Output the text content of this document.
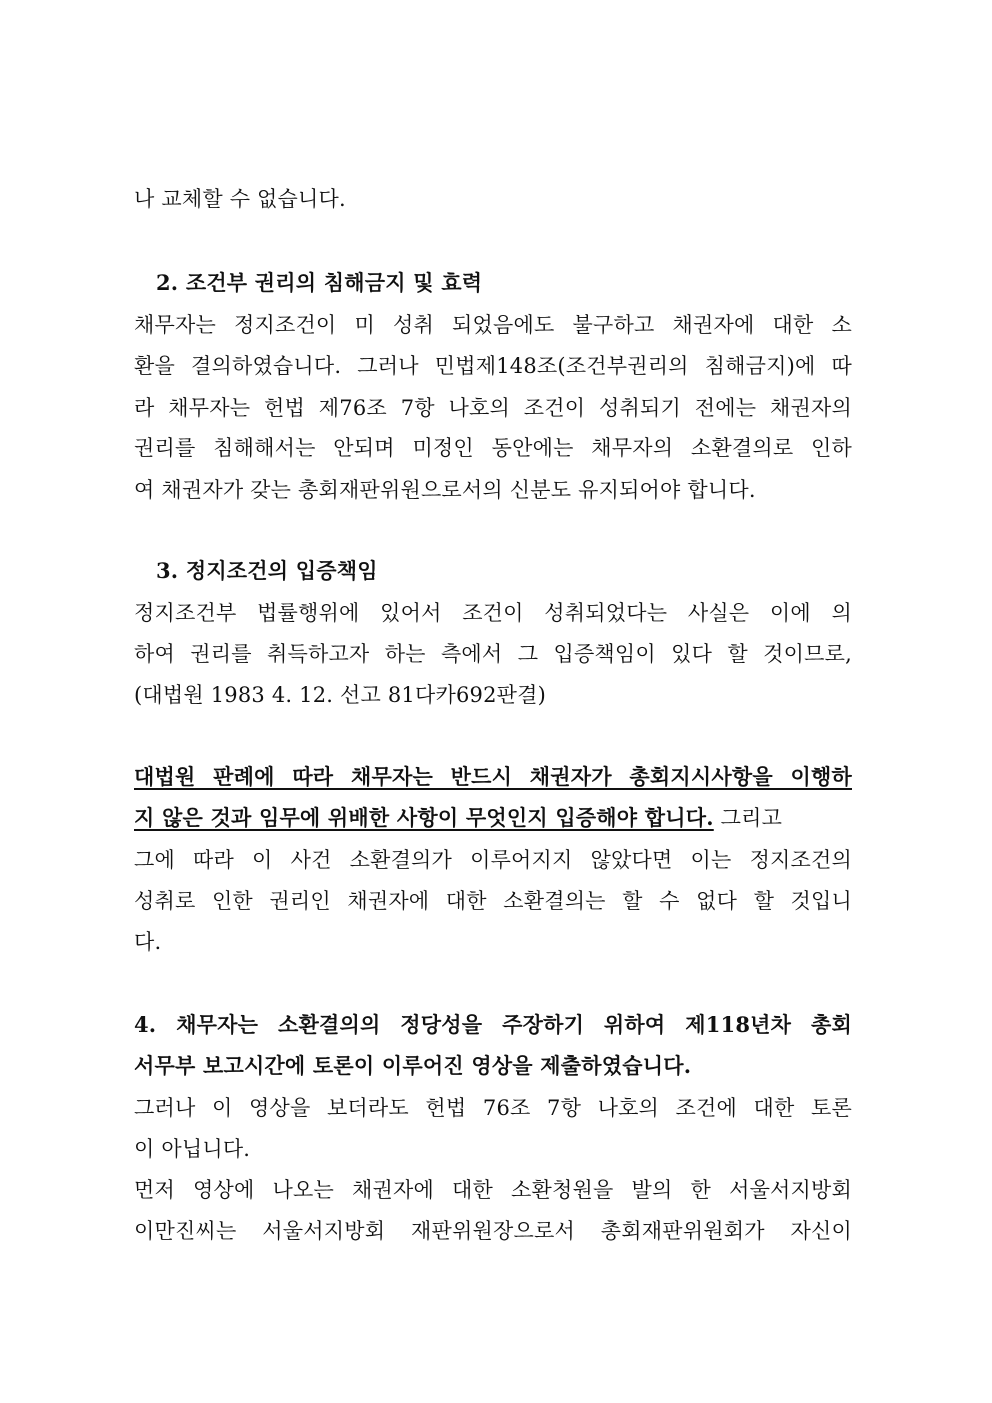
나 교체할 수 없습니다.
2. 조건부 권리의 침해금지 및 효력
채무자는 정지조건이 미 성취 되었음에도 불구하고 채권자에 대한 소
환을 결의하였습니다. 그러나 민법제148조(조건부권리의 침해금지)에 따
라 채무자는 헌법 제76조 7항 나호의 조건이 성취되기 전에는 채권자의
권리를 침해해서는 안되며 미정인 동안에는 채무자의 소환결의로 인하
여 채권자가 갖는 총회재판위원으로서의 신분도 유지되어야 합니다.
3. 정지조건의 입증책임
정지조건부 법률행위에 있어서 조건이 성취되었다는 사실은 이에 의
하여 권리를 취득하고자 하는 측에서 그 입증책임이 있다 할 것이므로,
(대법원 1983 4. 12. 선고 81다카692판결)
대법원 판례에 따라 채무자는 반드시 채권자가 총회지시사항을 이행하
지 않은 것과 임무에 위배한 사항이 무엇인지 입증해야 합니다. 그리고
그에 따라 이 사건 소환결의가 이루어지지 않았다면 이는 정지조건의
성취로 인한 권리인 채권자에 대한 소환결의는 할 수 없다 할 것입니
다.
4. 채무자는 소환결의의 정당성을 주장하기 위하여 제118년차 총회
서무부 보고시간에 토론이 이루어진 영상을 제출하였습니다.
그러나 이 영상을 보더라도 헌법 76조 7항 나호의 조건에 대한 토론
이 아닙니다.
먼저 영상에 나오는 채권자에 대한 소환청원을 발의 한 서울서지방회
이만진씨는 서울서지방회 재판위원장으로서 총회재판위원회가 자신이
